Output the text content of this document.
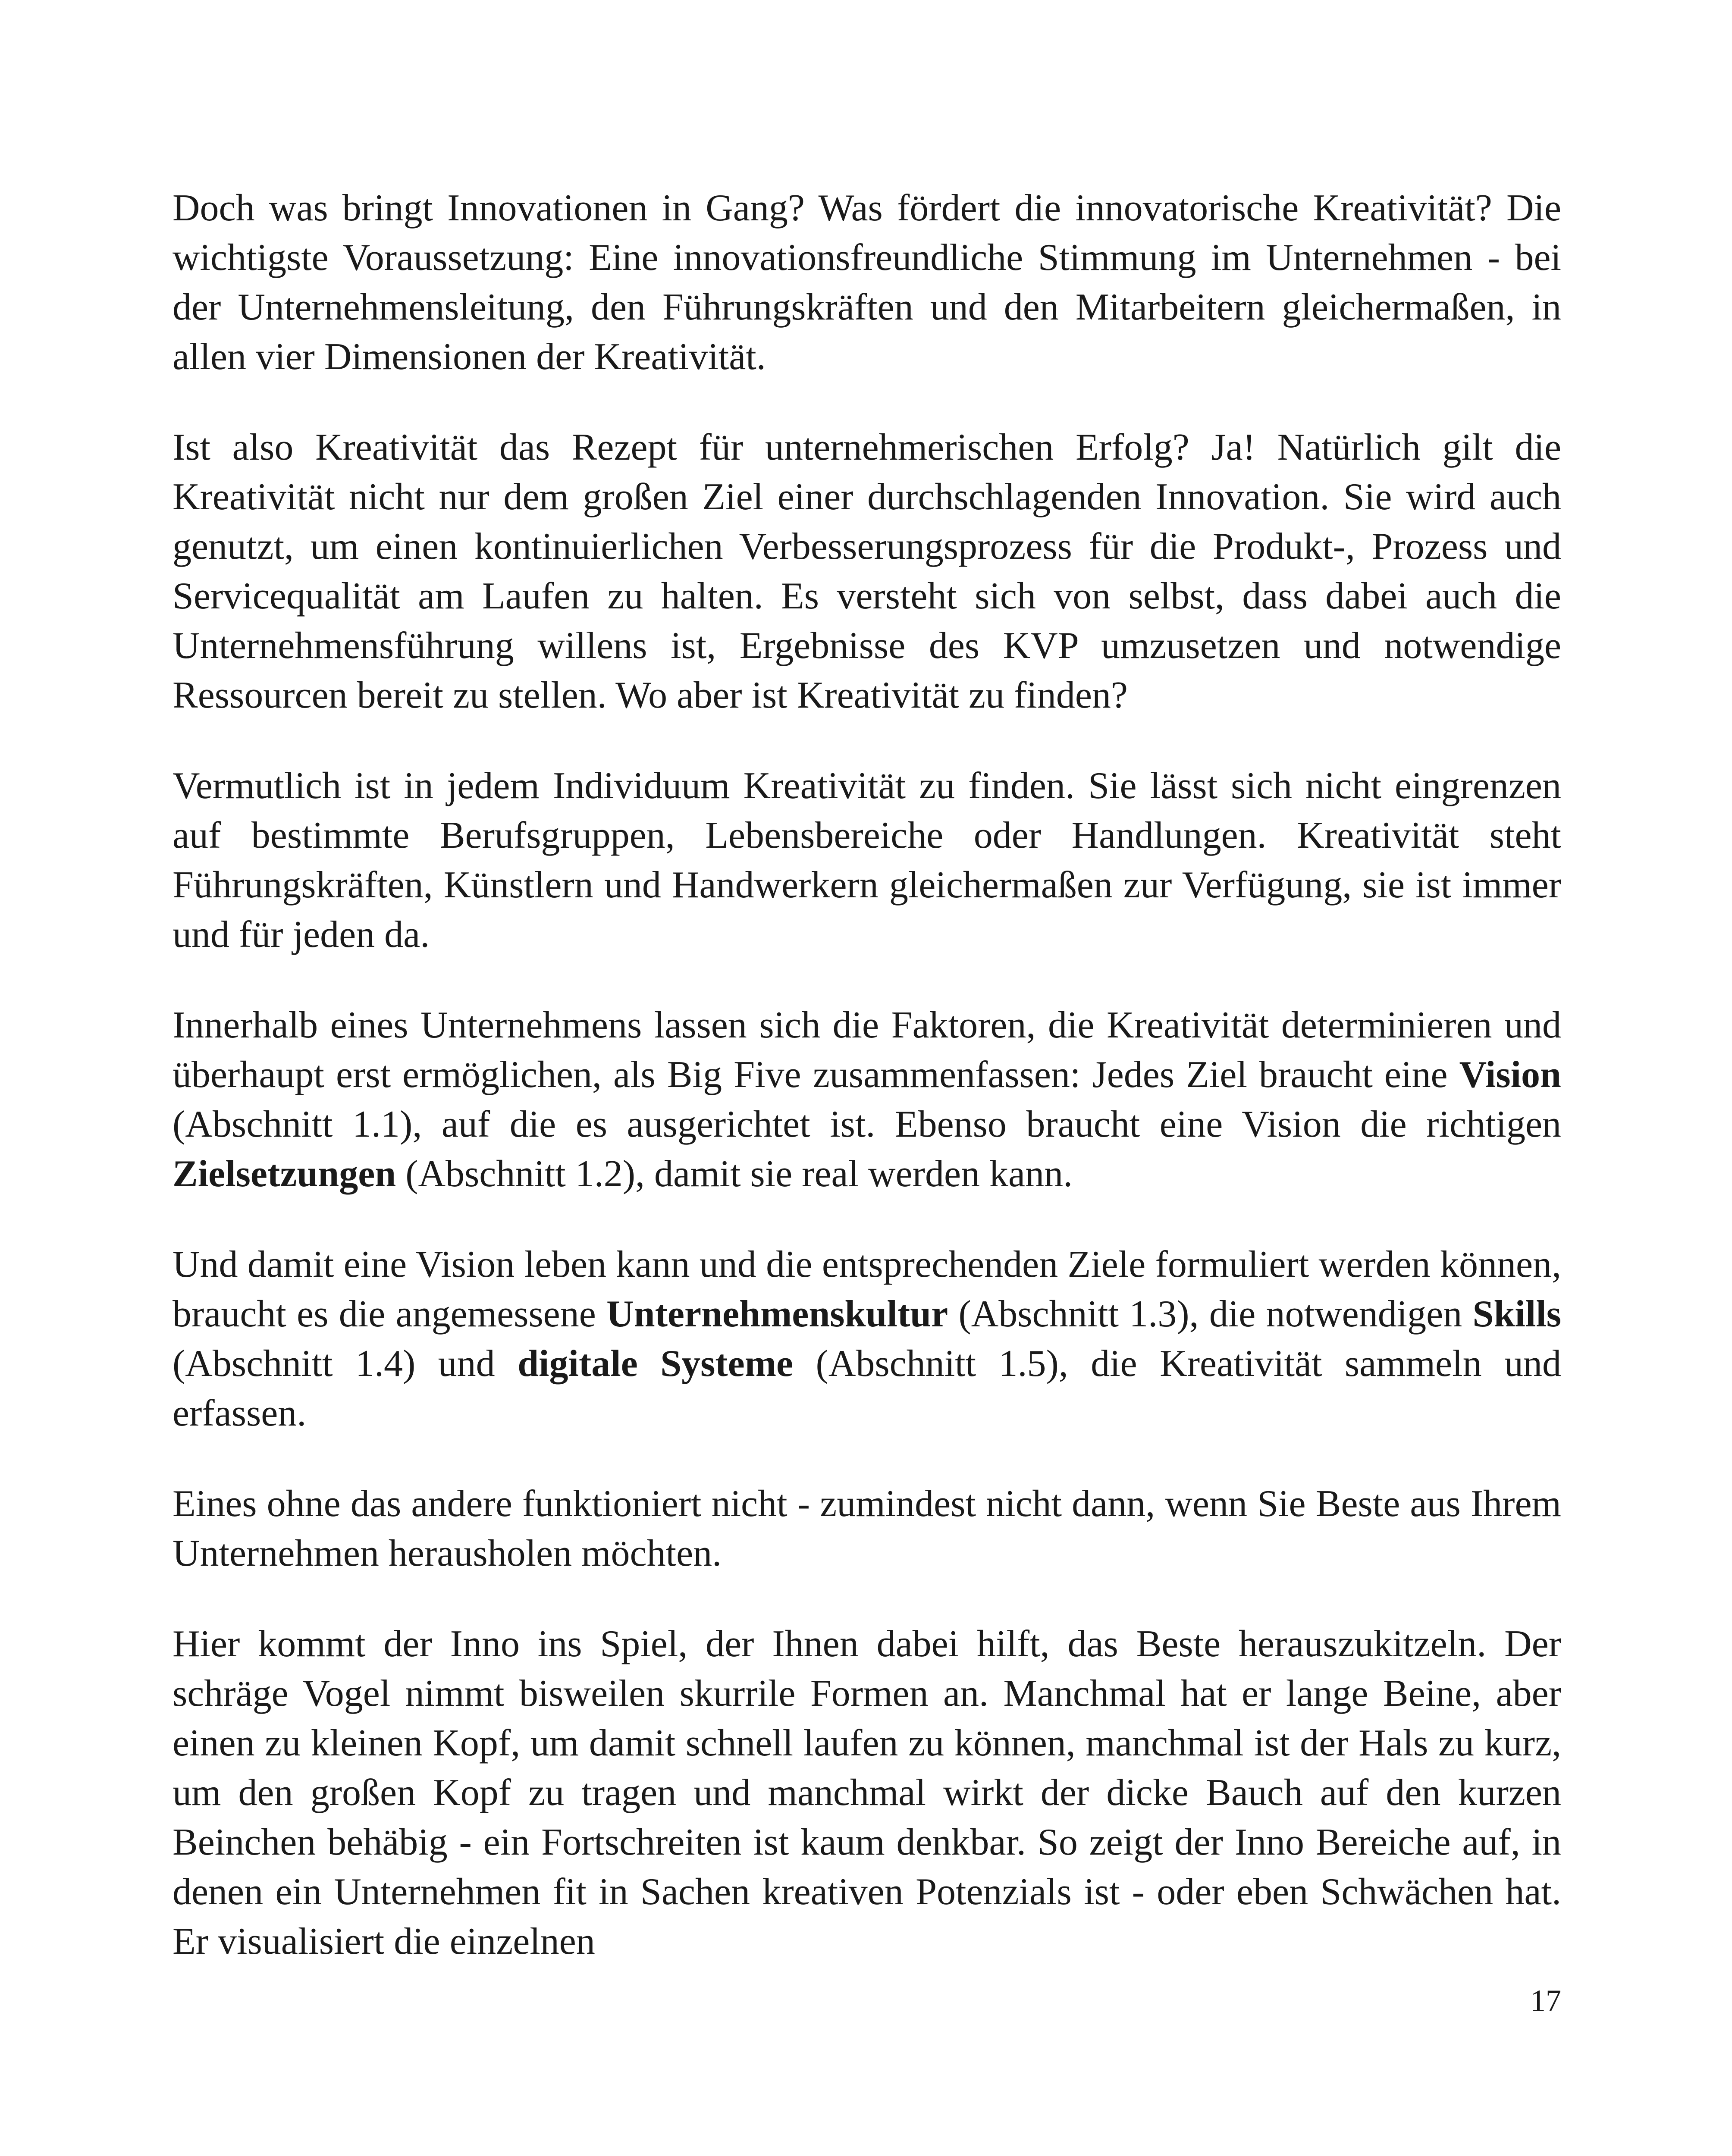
Doch was bringt Innovationen in Gang? Was fördert die innovatorische Kreativität? Die wichtigste Voraussetzung: Eine innovationsfreundliche Stimmung im Unternehmen - bei der Unternehmensleitung, den Führungskräften und den Mitarbeitern gleichermaßen, in allen vier Dimensionen der Kreativität.

Ist also Kreativität das Rezept für unternehmerischen Erfolg? Ja! Natürlich gilt die Kreativität nicht nur dem großen Ziel einer durchschlagenden Innovation. Sie wird auch genutzt, um einen kontinuierlichen Verbesserungsprozess für die Produkt-, Prozess und Servicequalität am Laufen zu halten. Es versteht sich von selbst, dass dabei auch die Unternehmensführung willens ist, Ergebnisse des KVP umzusetzen und notwendige Ressourcen bereit zu stellen. Wo aber ist Kreativität zu finden?

Vermutlich ist in jedem Individuum Kreativität zu finden. Sie lässt sich nicht eingrenzen auf bestimmte Berufsgruppen, Lebensbereiche oder Handlungen. Kreativität steht Führungskräften, Künstlern und Handwerkern gleichermaßen zur Verfügung, sie ist immer und für jeden da.

Innerhalb eines Unternehmens lassen sich die Faktoren, die Kreativität determinieren und überhaupt erst ermöglichen, als Big Five zusammenfassen: Jedes Ziel braucht eine Vision (Abschnitt 1.1), auf die es ausgerichtet ist. Ebenso braucht eine Vision die richtigen Zielsetzungen (Abschnitt 1.2), damit sie real werden kann.

Und damit eine Vision leben kann und die entsprechenden Ziele formuliert werden können, braucht es die angemessene Unternehmenskultur (Abschnitt 1.3), die notwendigen Skills (Abschnitt 1.4) und digitale Systeme (Abschnitt 1.5), die Kreativität sammeln und erfassen.

Eines ohne das andere funktioniert nicht - zumindest nicht dann, wenn Sie Beste aus Ihrem Unternehmen herausholen möchten.

Hier kommt der Inno ins Spiel, der Ihnen dabei hilft, das Beste herauszukitzeln. Der schräge Vogel nimmt bisweilen skurrile Formen an. Manchmal hat er lange Beine, aber einen zu kleinen Kopf, um damit schnell laufen zu können, manchmal ist der Hals zu kurz, um den großen Kopf zu tragen und manchmal wirkt der dicke Bauch auf den kurzen Beinchen behäbig - ein Fortschreiten ist kaum denkbar. So zeigt der Inno Bereiche auf, in denen ein Unternehmen fit in Sachen kreativen Potenzials ist - oder eben Schwächen hat. Er visualisiert die einzelnen

17
